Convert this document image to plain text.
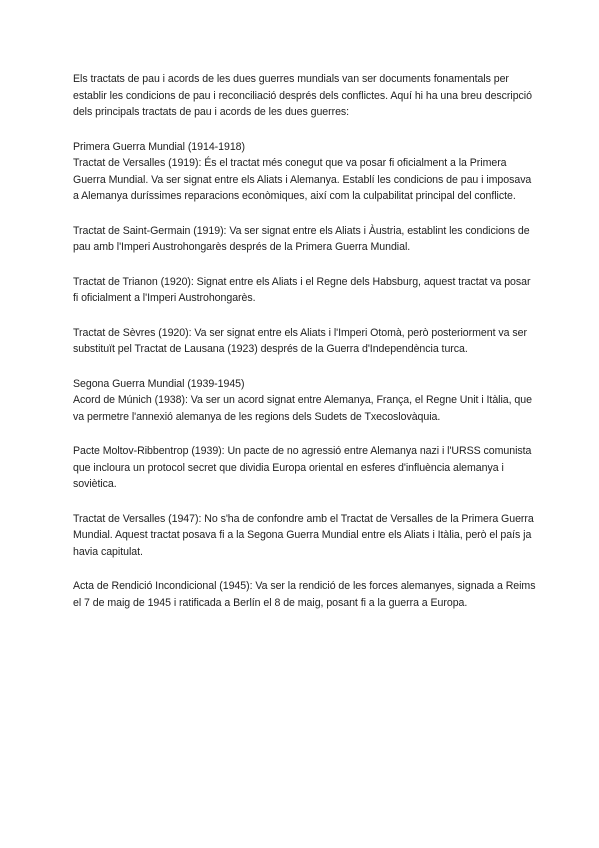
Els tractats de pau i acords de les dues guerres mundials van ser documents fonamentals per establir les condicions de pau i reconciliació després dels conflictes. Aquí hi ha una breu descripció dels principals tractats de pau i acords de les dues guerres:

Primera Guerra Mundial (1914-1918)

Tractat de Versalles (1919): És el tractat més conegut que va posar fi oficialment a la Primera Guerra Mundial. Va ser signat entre els Aliats i Alemanya. Establí les condicions de pau i imposava a Alemanya duríssimes reparacions econòmiques, així com la culpabilitat principal del conflicte.

Tractat de Saint-Germain (1919): Va ser signat entre els Aliats i Àustria, establint les condicions de pau amb l'Imperi Austrohongarès després de la Primera Guerra Mundial.

Tractat de Trianon (1920): Signat entre els Aliats i el Regne dels Habsburg, aquest tractat va posar fi oficialment a l'Imperi Austrohongarès.

Tractat de Sèvres (1920): Va ser signat entre els Aliats i l'Imperi Otomà, però posteriorment va ser substituït pel Tractat de Lausana (1923) després de la Guerra d'Independència turca.

Segona Guerra Mundial (1939-1945)

Acord de Múnich (1938): Va ser un acord signat entre Alemanya, França, el Regne Unit i Itàlia, que va permetre l'annexió alemanya de les regions dels Sudets de Txecoslovàquia.

Pacte Moltov-Ribbentrop (1939): Un pacte de no agressió entre Alemanya nazi i l'URSS comunista que incloura un protocol secret que dividia Europa oriental en esferes d'influència alemanya i soviètica.

Tractat de Versalles (1947): No s'ha de confondre amb el Tractat de Versalles de la Primera Guerra Mundial. Aquest tractat posava fi a la Segona Guerra Mundial entre els Aliats i Itàlia, però el país ja havia capitulat.

Acta de Rendició Incondicional (1945): Va ser la rendició de les forces alemanyes, signada a Reims el 7 de maig de 1945 i ratificada a Berlín el 8 de maig, posant fi a la guerra a Europa.
